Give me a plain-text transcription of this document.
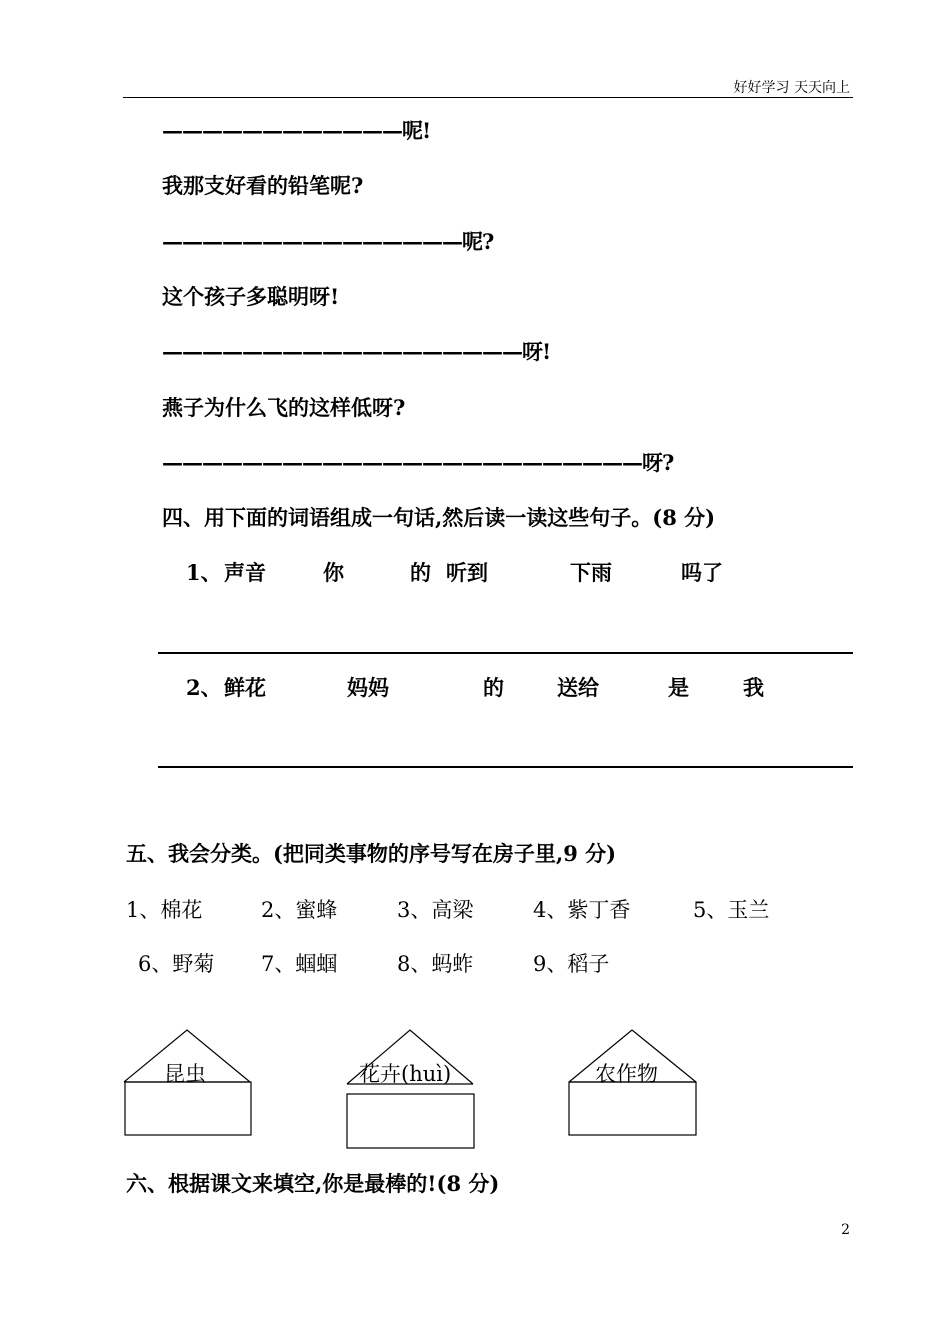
好好学习 天天向上
————————————呢!
我那支好看的铅笔呢?
———————————————呢?
这个孩子多聪明呀!
——————————————————呀!
燕子为什么飞的这样低呀?
————————————————————————呀?
四、用下面的词语组成一句话,然后读一读这些句子。(8 分)
1、 声音	你	的 听到	下雨	吗了
2、 鲜花	妈妈	的	送给	是	我
五、我会分类。(把同类事物的序号写在房子里,9 分)
1、棉花	2、蜜蜂	3、高梁	4、紫丁香	5、玉兰
6、野菊 7、蝈蝈	8、蚂蚱	9、稻子
昆虫	花卉(huì)	农作物
六、根据课文来填空,你是最棒的!(8 分)
2
